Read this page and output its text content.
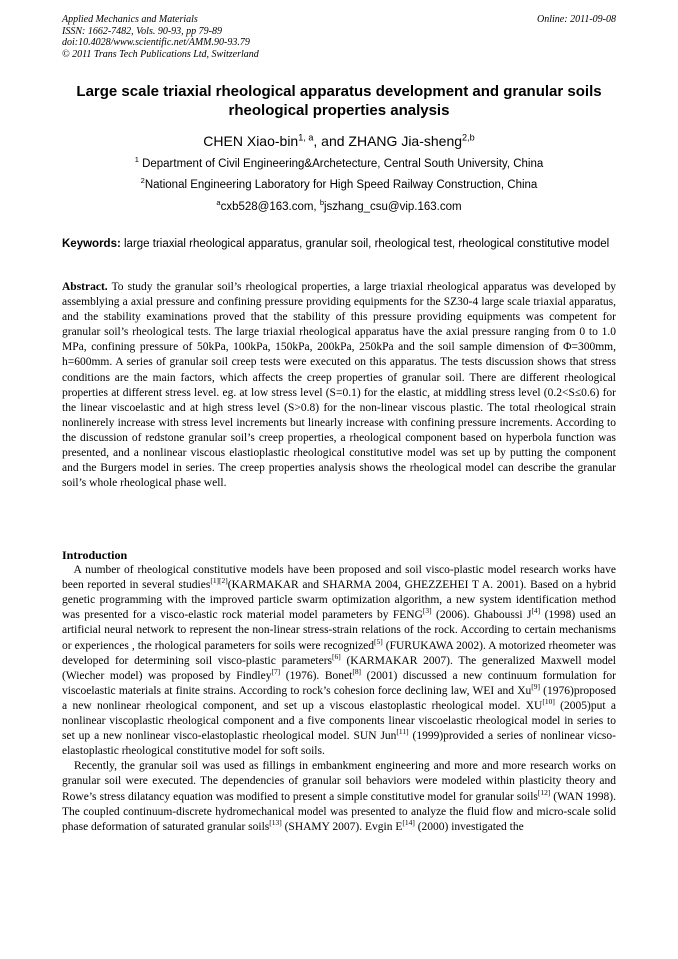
Applied Mechanics and Materials
ISSN: 1662-7482, Vols. 90-93, pp 79-89
doi:10.4028/www.scientific.net/AMM.90-93.79
© 2011 Trans Tech Publications Ltd, Switzerland
Online: 2011-09-08
Large scale triaxial rheological apparatus development and granular soils rheological properties analysis
CHEN Xiao-bin$^{1, a}$, and ZHANG Jia-sheng$^{2,b}$
$^1$ Department of Civil Engineering&Archetecture, Central South University, China
$^2$National Engineering Laboratory for High Speed Railway Construction, China
$^a$cxb528@163.com, $^b$jszhang_csu@vip.163.com
Keywords: large triaxial rheological apparatus, granular soil, rheological test, rheological constitutive model
Abstract. To study the granular soil’s rheological properties, a large triaxial rheological apparatus was developed by assemblying a axial pressure and confining pressure providing equipments for the SZ30-4 large scale triaxial apparatus, and the stability examinations proved that the stability of this pressure providing equipments was competent for granular soil’s rheological tests. The large triaxial rheological apparatus have the axial pressure ranging from 0 to 1.0 MPa, confining pressure of 50kPa, 100kPa, 150kPa, 200kPa, 250kPa and the soil sample dimension of Φ=300mm, h=600mm. A series of granular soil creep tests were executed on this apparatus. The tests discussion shows that stress conditions are the main factors, which affects the creep properties of granular soil. There are different rheological properties at different stress level. eg. at low stress level (S=0.1) for the elastic, at middling stress level (0.2<S≤0.6) for the linear viscoelastic and at high stress level (S>0.8) for the non-linear viscous plastic. The total rheological strain nonlinerely increase with stress level increments but linearly increase with confining pressure increments. According to the discussion of redstone granular soil’s creep properties, a rheological component based on hyperbola function was presented, and a nonlinear viscous elastioplastic rheological constitutive model was set up by putting the component and the Burgers model in series. The creep properties analysis shows the rheological model can describe the granular soil’s whole rheological phase well.
Introduction

A number of rheological constitutive models have been proposed and soil visco-plastic model research works have been reported in several studies[1][2](KARMAKAR and SHARMA 2004, GHEZZEHEI T A. 2001). Based on a hybrid genetic programming with the improved particle swarm optimization algorithm, a new system identification method was presented for a visco-elastic rock material model parameters by FENG[3] (2006). Ghaboussi J[4] (1998) used an artificial neural network to represent the non-linear stress-strain relations of the rock. According to certain mechanisms or experiences , the rhological parameters for soils were recognized[5] (FURUKAWA 2002). A motorized rheometer was developed for determining soil visco-plastic parameters[6] (KARMAKAR 2007). The generalized Maxwell model (Wiecher model) was proposed by Findley[7] (1976). Bonet[8] (2001) discussed a new continuum formulation for viscoelastic materials at finite strains. According to rock’s cohesion force declining law, WEI and Xu[9] (1976)proposed a new nonlinear rheological component, and set up a viscous elastoplastic rheological model. XU[10] (2005)put a nonlinear viscoplastic rheological component and a five components linear viscoelastic rheological model in series to set up a new nonlinear visco-elastoplastic rheological model. SUN Jun[11] (1999)provided a series of nonlinear vicso-elastoplastic rheological constitutive model for soft soils.

Recently, the granular soil was used as fillings in embankment engineering and more and more research works on granular soil were executed. The dependencies of granular soil behaviors were modeled within plasticity theory and Rowe’s stress dilatancy equation was modified to present a simple constitutive model for granular soils[12] (WAN 1998). The coupled continuum-discrete hydromechanical model was presented to analyze the fluid flow and micro-scale solid phase deformation of saturated granular soils[13] (SHAMY 2007). Evgin E[14] (2000) investigated the
